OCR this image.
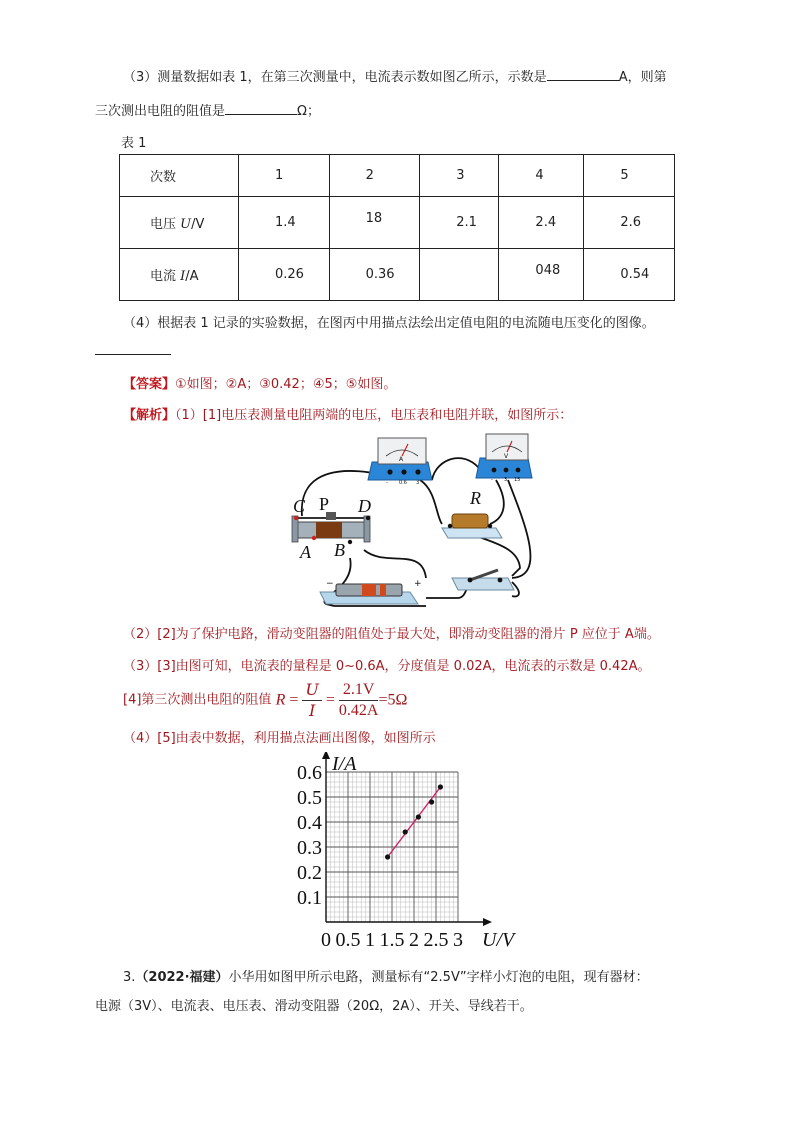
（3）测量数据如表 1，在第三次测量中，电流表示数如图乙所示，示数是	A，则第
三次测出电阻的阻值是	Ω；
表 1
次数	1	2	3	4	5
电压 U/V	1.4	18	2.1	2.4	2.6
电流 I/A	0.26	0.36		048	0.54
（4）根据表 1 记录的实验数据，在图丙中用描点法绘出定值电阻的电流随电压变化的图像。
【答案】①如图；②A；③0.42；④5；⑤如图。
【解析】（1）[1]电压表测量电阻两端的电压，电压表和电阻并联，如图所示：
A
- 0.6 3
V
- 3 15
−	+
C P D
A B
R
（2）[2]为了保护电路，滑动变阻器的阻值处于最大处，即滑动变阻器的滑片 P 应位于 A端。
（3）[3]由图可知，电流表的量程是 0~0.6A，分度值是 0.02A，电流表的示数是 0.42A。
[4]第三次测出电阻的阻值 $R = \frac{U}{I} = \frac{2.1V}{0.42A} =5\Omega$
（4）[5]由表中数据，利用描点法画出图像，如图所示
0 0.5 1 1.5 2 2.5 3
0.1
0.2
0.3
0.4
0.5
0.6
U/V
I/A
3.（2022·福建）小华用如图甲所示电路，测量标有“2.5V”字样小灯泡的电阻，现有器材：
电源（3V）、电流表、电压表、滑动变阻器（20Ω，2A）、开关、导线若干。
